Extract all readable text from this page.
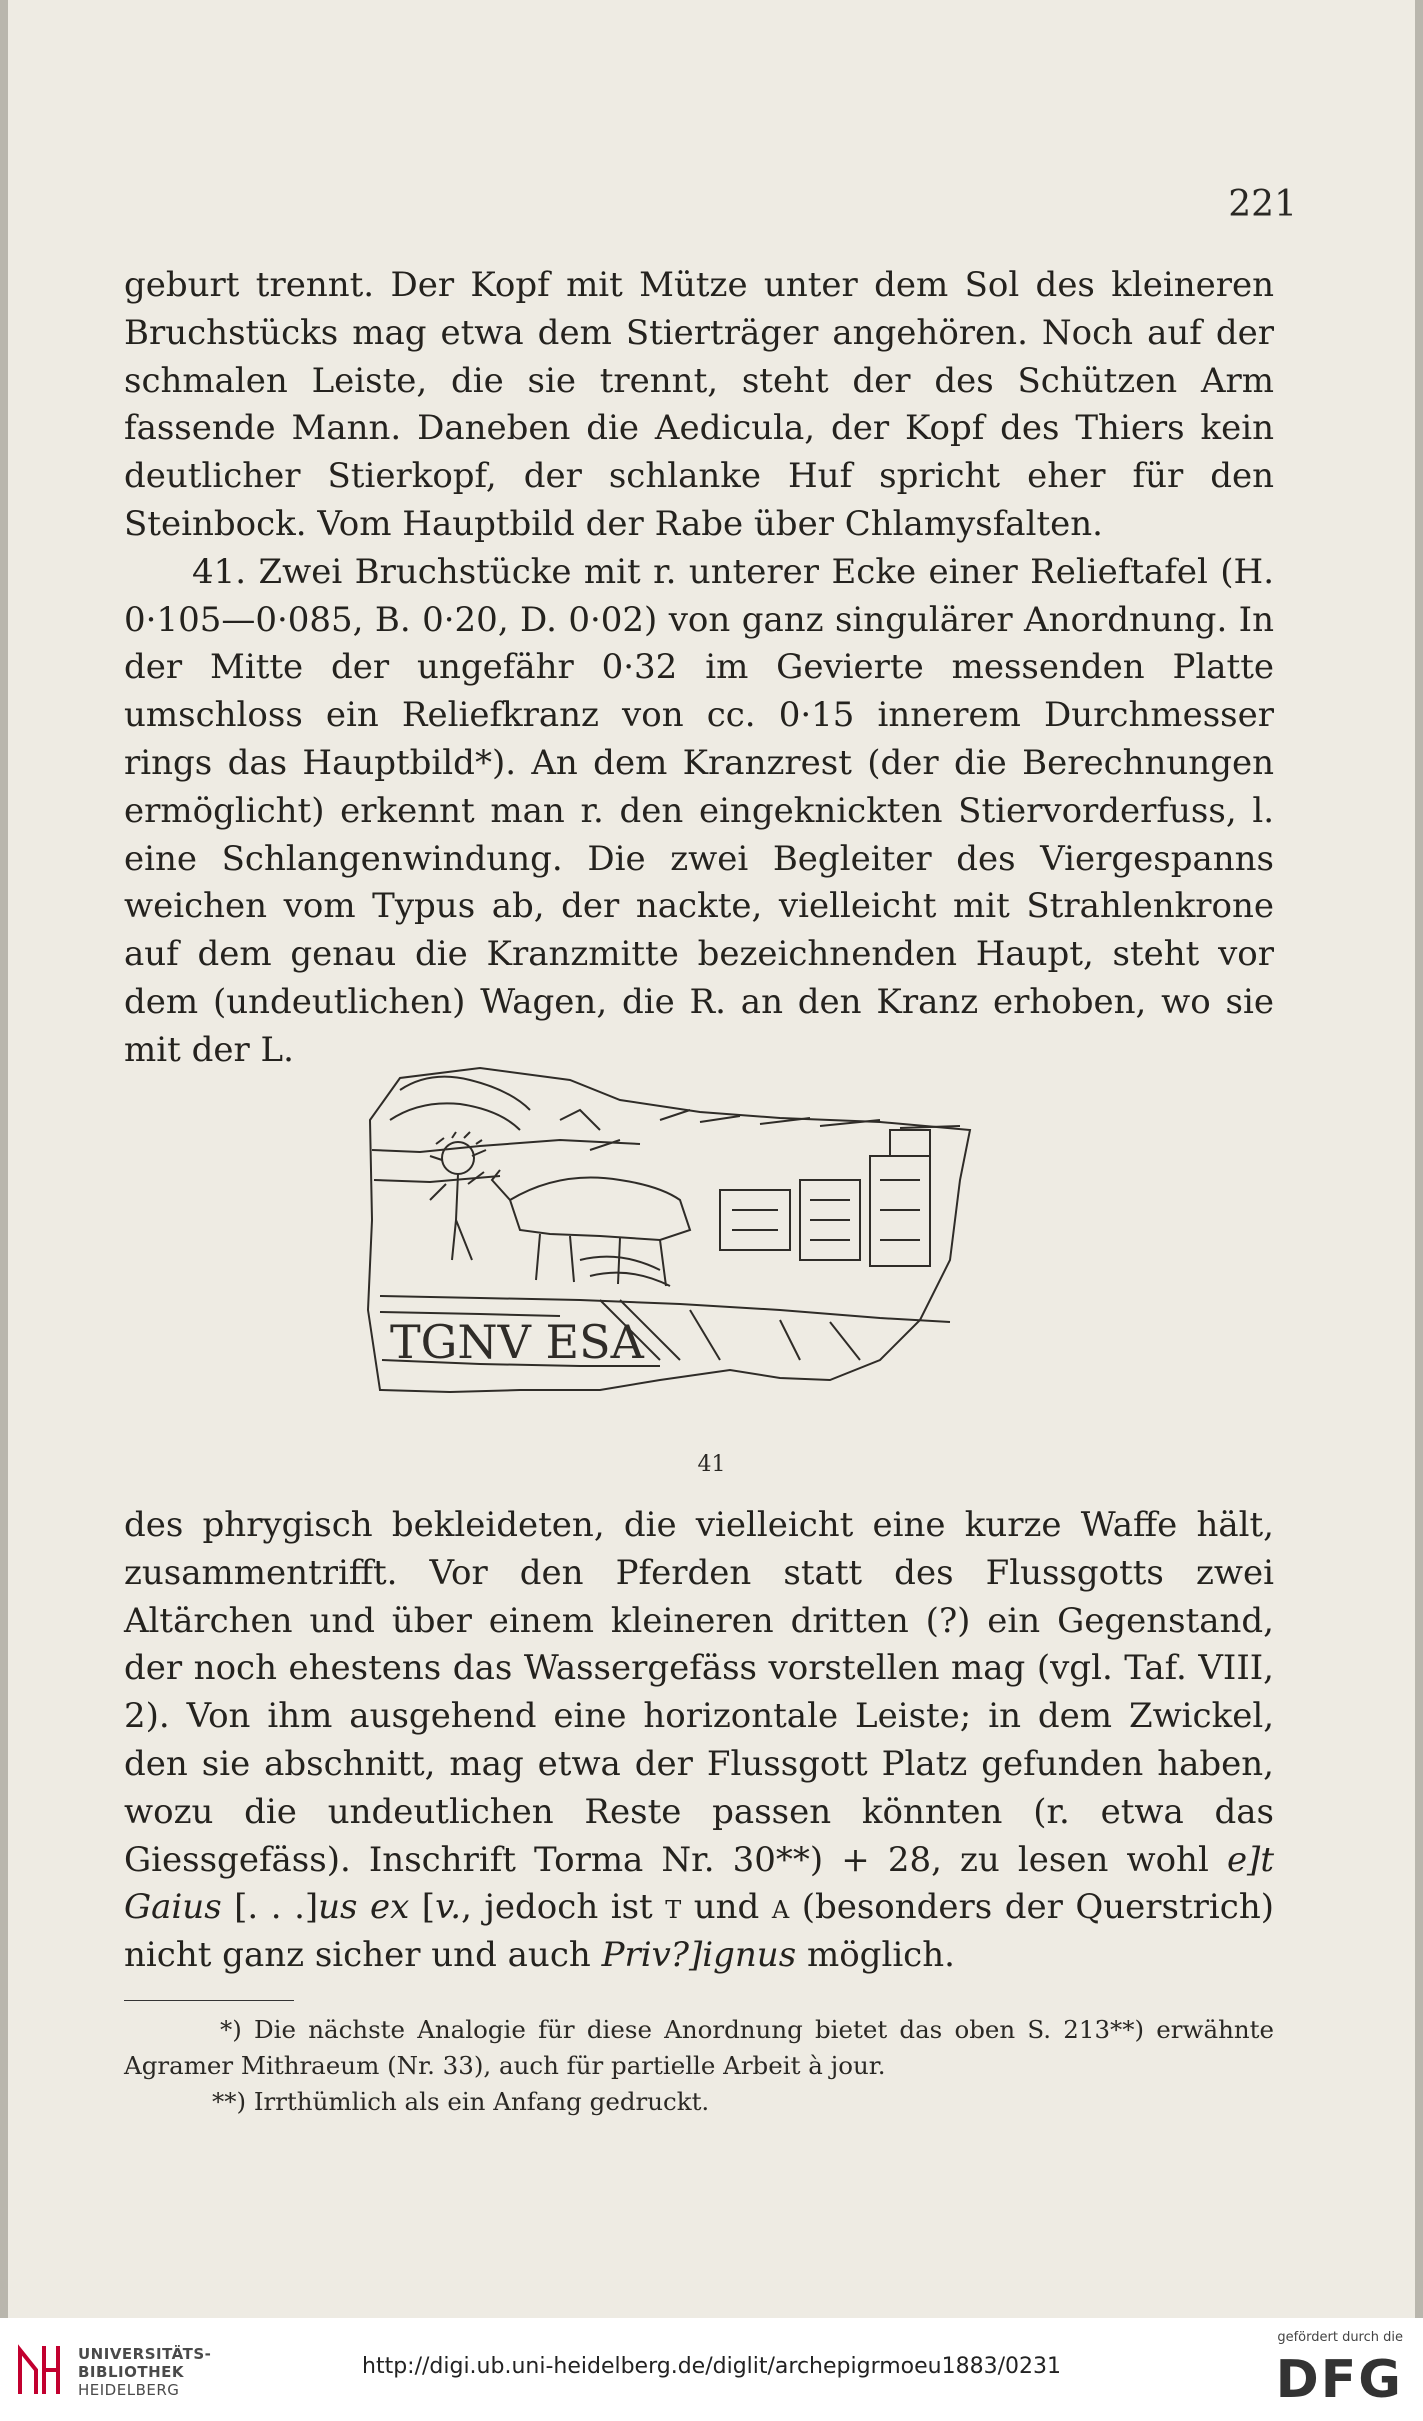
221

geburt trennt. Der Kopf mit Mütze unter dem Sol des kleineren Bruchstücks mag etwa dem Stierträger angehören. Noch auf der schmalen Leiste, die sie trennt, steht der des Schützen Arm fassende Mann. Daneben die Aedicula, der Kopf des Thiers kein deutlicher Stierkopf, der schlanke Huf spricht eher für den Steinbock. Vom Hauptbild der Rabe über Chlamysfalten.

41. Zwei Bruchstücke mit r. unterer Ecke einer Relieftafel (H. 0·105—0·085, B. 0·20, D. 0·02) von ganz singulärer Anordnung. In der Mitte der ungefähr 0·32 im Gevierte messenden Platte umschloss ein Reliefkranz von cc. 0·15 innerem Durchmesser rings das Hauptbild*). An dem Kranzrest (der die Berechnungen ermöglicht) erkennt man r. den eingeknickten Stiervorderfuss, l. eine Schlangenwindung. Die zwei Begleiter des Viergespanns weichen vom Typus ab, der nackte, vielleicht mit Strahlenkrone auf dem genau die Kranzmitte bezeichnenden Haupt, steht vor dem (undeutlichen) Wagen, die R. an den Kranz erhoben, wo sie mit der L.

TGNV ESA
41

des phrygisch bekleideten, die vielleicht eine kurze Waffe hält, zusammentrifft. Vor den Pferden statt des Flussgotts zwei Altärchen und über einem kleineren dritten (?) ein Gegenstand, der noch ehestens das Wassergefäss vorstellen mag (vgl. Taf. VIII, 2). Von ihm ausgehend eine horizontale Leiste; in dem Zwickel, den sie abschnitt, mag etwa der Flussgott Platz gefunden haben, wozu die undeutlichen Reste passen könnten (r. etwa das Giessgefäss). Inschrift Torma Nr. 30**) + 28, zu lesen wohl e]t Gaius [. . .]us ex [v., jedoch ist t und a (besonders der Querstrich) nicht ganz sicher und auch Priv?]ignus möglich.

*) Die nächste Analogie für diese Anordnung bietet das oben S. 213**) erwähnte Agramer Mithraeum (Nr. 33), auch für partielle Arbeit à jour.

**) Irrthümlich als ein Anfang gedruckt.

UNIVERSITÄTS-
BIBLIOTHEK
HEIDELBERG
http://digi.ub.uni-heidelberg.de/diglit/archepigrmoeu1883/0231
gefördert durch die
DFG
